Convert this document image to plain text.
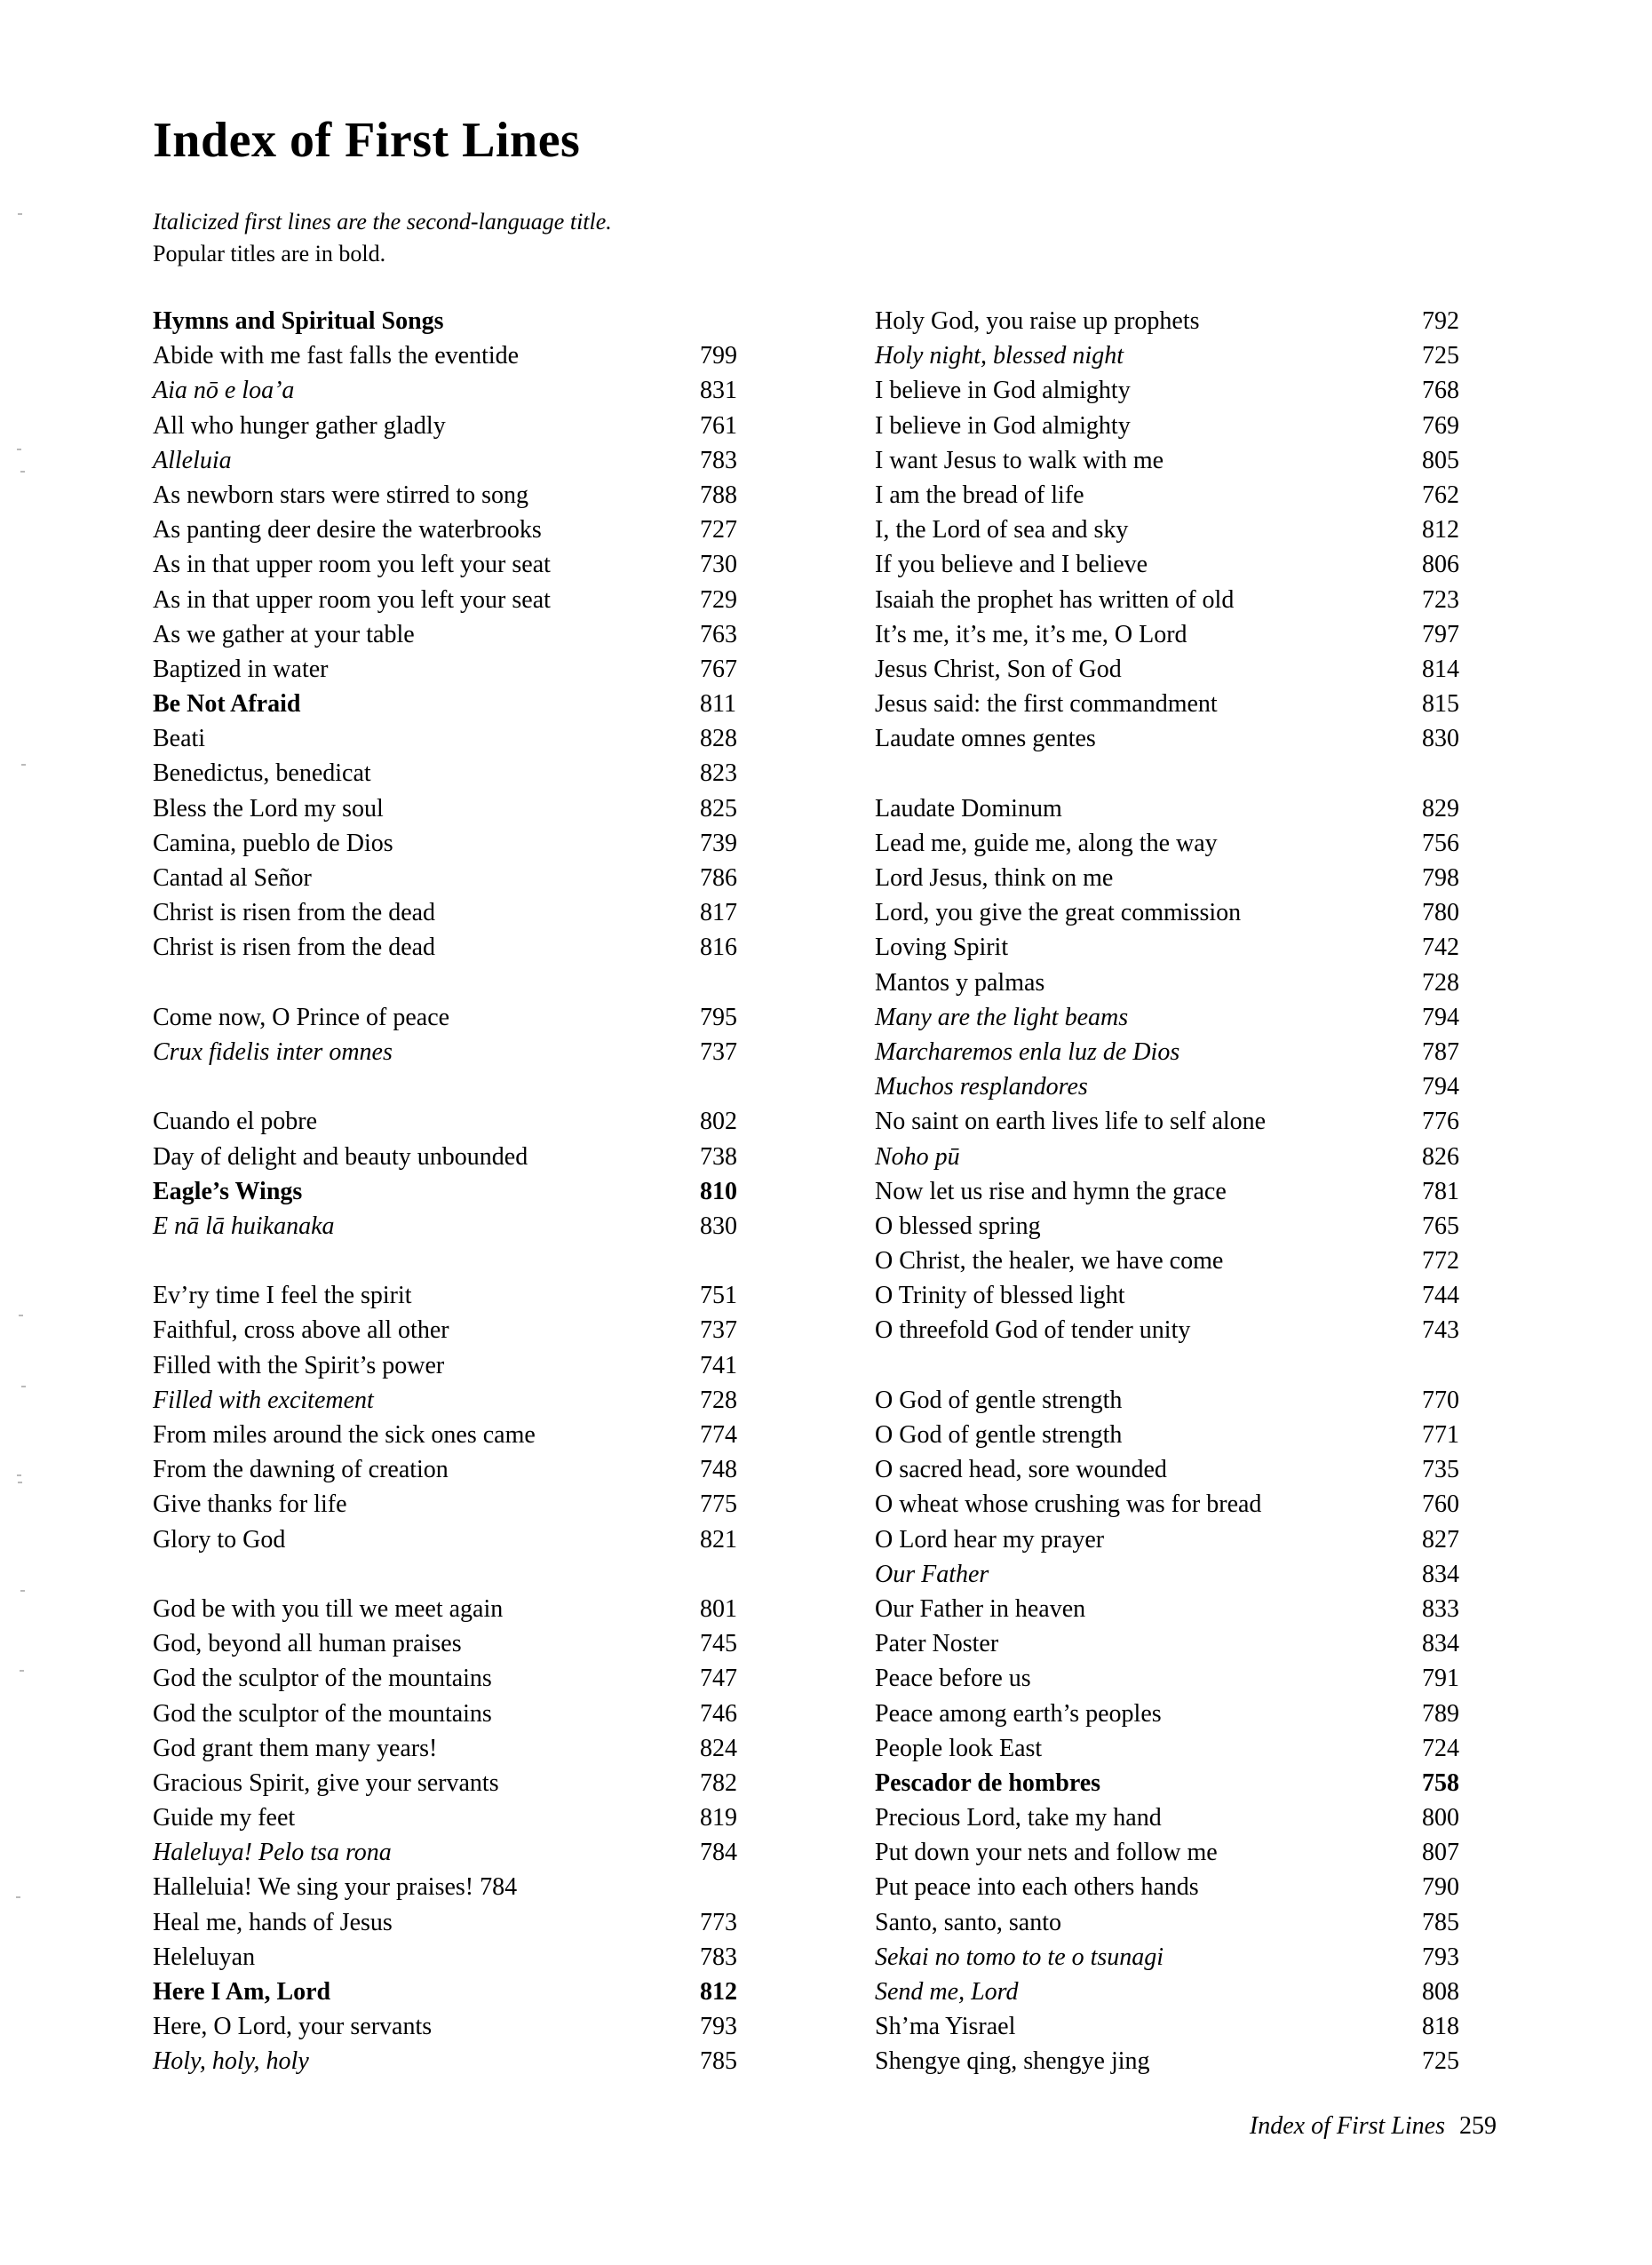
Index of First Lines
Italicized first lines are the second-language title.
Popular titles are in bold.
Hymns and Spiritual Songs
Abide with me fast falls the eventide	799
Aia nō e loa’a	831
All who hunger gather gladly	761
Alleluia	783
As newborn stars were stirred to song	788
As panting deer desire the waterbrooks	727
As in that upper room you left your seat	730
As in that upper room you left your seat	729
As we gather at your table	763
Baptized in water	767
Be Not Afraid	811
Beati	828
Benedictus, benedicat	823
Bless the Lord my soul	825
Camina, pueblo de Dios	739
Cantad al Señor	786
Christ is risen from the dead	817
Christ is risen from the dead	816
Come now, O Prince of peace	795
Crux fidelis inter omnes	737
Cuando el pobre	802
Day of delight and beauty unbounded	738
Eagle’s Wings	810
E nā lā huikanaka	830
Ev’ry time I feel the spirit	751
Faithful, cross above all other	737
Filled with the Spirit’s power	741
Filled with excitement	728
From miles around the sick ones came	774
From the dawning of creation	748
Give thanks for life	775
Glory to God	821
God be with you till we meet again	801
God, beyond all human praises	745
God the sculptor of the mountains	747
God the sculptor of the mountains	746
God grant them many years!	824
Gracious Spirit, give your servants	782
Guide my feet	819
Haleluya! Pelo tsa rona	784
Halleluia! We sing your praises! 784
Heal me, hands of Jesus	773
Heleluyan	783
Here I Am, Lord	812
Here, O Lord, your servants	793
Holy, holy, holy	785
Holy God, you raise up prophets	792
Holy night, blessed night	725
I believe in God almighty	768
I believe in God almighty	769
I want Jesus to walk with me	805
I am the bread of life	762
I, the Lord of sea and sky	812
If you believe and I believe	806
Isaiah the prophet has written of old	723
It’s me, it’s me, it’s me, O Lord	797
Jesus Christ, Son of God	814
Jesus said: the first commandment	815
Laudate omnes gentes	830
Laudate Dominum	829
Lead me, guide me, along the way	756
Lord Jesus, think on me	798
Lord, you give the great commission	780
Loving Spirit	742
Mantos y palmas	728
Many are the light beams	794
Marcharemos enla luz de Dios	787
Muchos resplandores	794
No saint on earth lives life to self alone	776
Noho pū	826
Now let us rise and hymn the grace	781
O blessed spring	765
O Christ, the healer, we have come	772
O Trinity of blessed light	744
O threefold God of tender unity	743
O God of gentle strength	770
O God of gentle strength	771
O sacred head, sore wounded	735
O wheat whose crushing was for bread	760
O Lord hear my prayer	827
Our Father	834
Our Father in heaven	833
Pater Noster	834
Peace before us	791
Peace among earth’s peoples	789
People look East	724
Pescador de hombres	758
Precious Lord, take my hand	800
Put down your nets and follow me	807
Put peace into each others hands	790
Santo, santo, santo	785
Sekai no tomo to te o tsunagi	793
Send me, Lord	808
Sh’ma Yisrael	818
Shengye qing, shengye jing	725
Index of First Lines 259
